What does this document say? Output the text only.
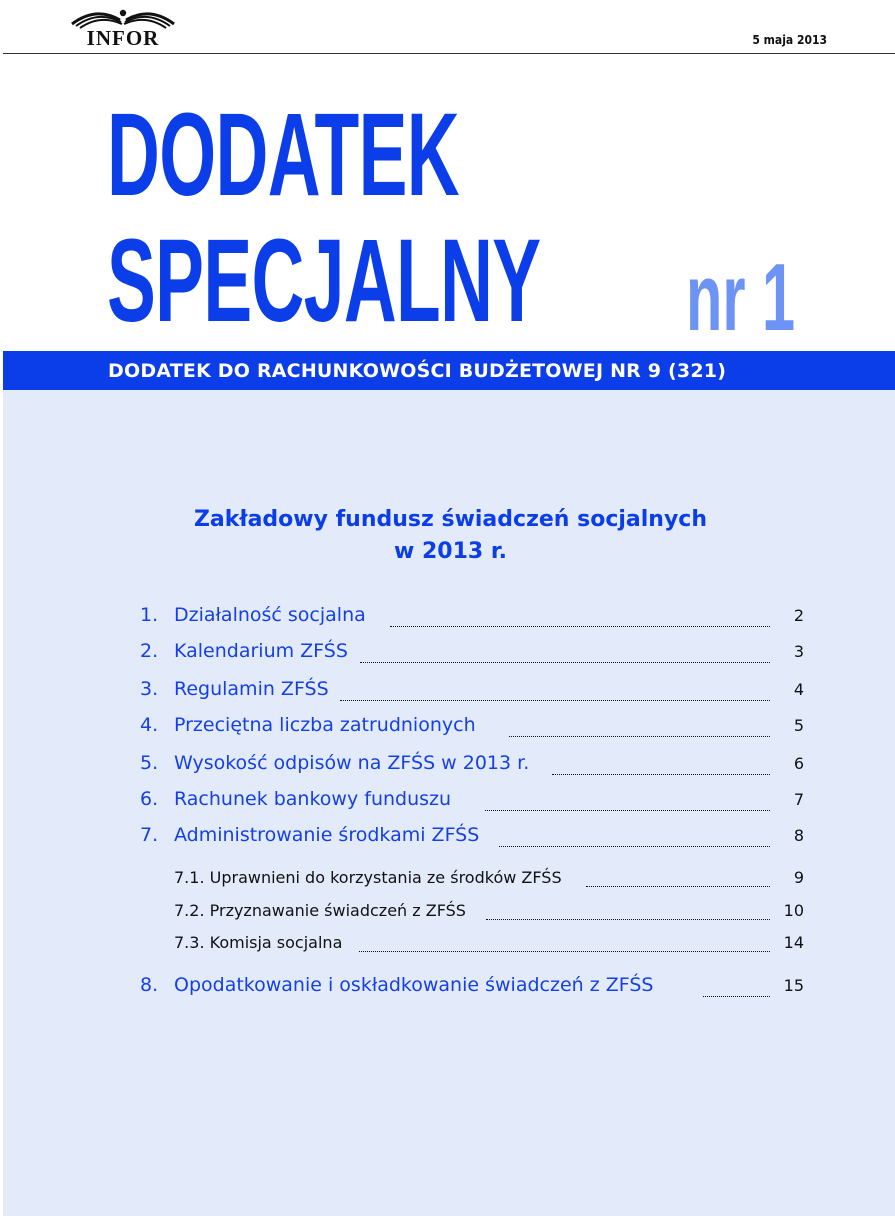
INFOR	5 maja 2013
DODATEK
SPECJALNY nr 1
DODATEK DO RACHUNKOWOŚCI BUDŻETOWEJ NR 9 (321)
Zakładowy fundusz świadczeń socjalnych
w 2013 r.
1. Działalność socjalna	2
2. Kalendarium ZFŚS	3
3. Regulamin ZFŚS	4
4. Przeciętna liczba zatrudnionych	5
5. Wysokość odpisów na ZFŚS w 2013 r.	6
6. Rachunek bankowy funduszu	7
7. Administrowanie środkami ZFŚS	8
7.1. Uprawnieni do korzystania ze środków ZFŚS	9
7.2. Przyznawanie świadczeń z ZFŚS	10
7.3. Komisja socjalna	14
8. Opodatkowanie i oskładkowanie świadczeń z ZFŚS	15
